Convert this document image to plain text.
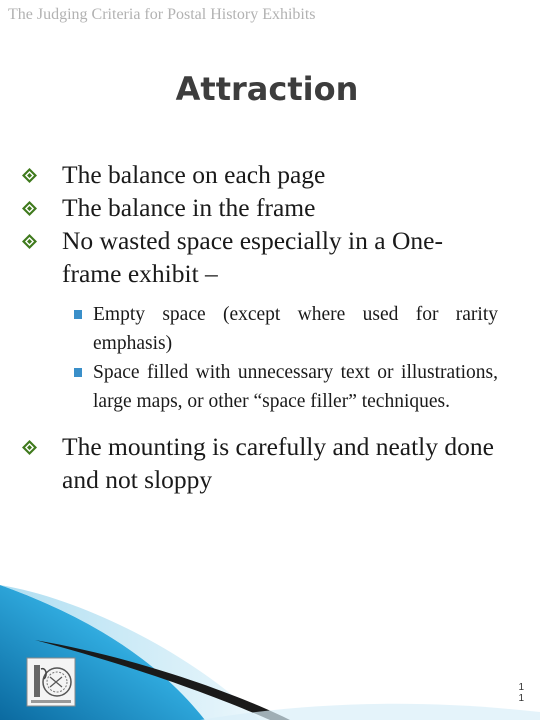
The Judging Criteria for Postal History Exhibits
Attraction
The balance on each page
The balance in the frame
No wasted space especially in a One-frame exhibit –
Empty space (except where used for rarity emphasis)
Space filled with unnecessary text or illustrations, large maps, or other “space filler” techniques.
The mounting is carefully and neatly done and not sloppy
1
1
